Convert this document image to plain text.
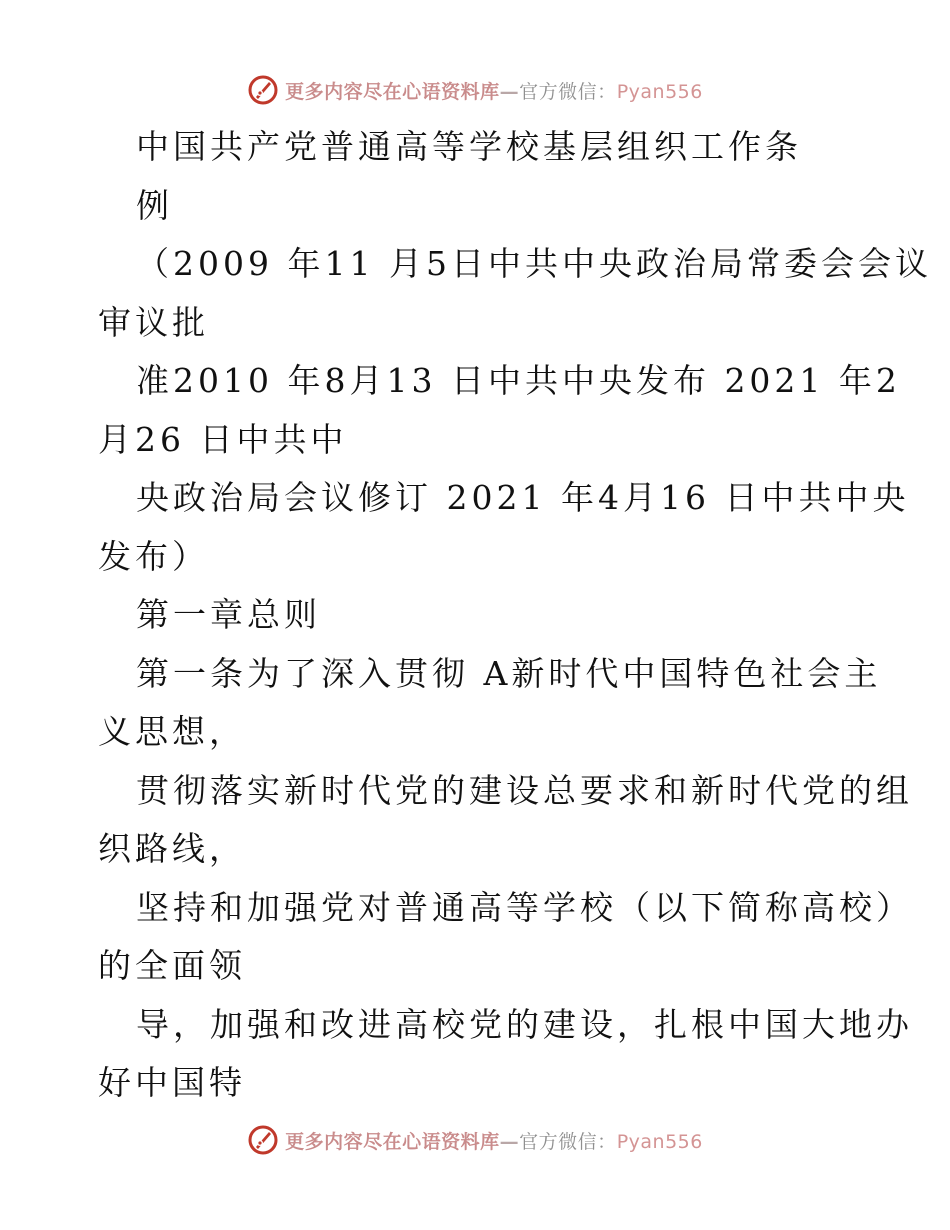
更多内容尽在心语资料库—官方微信：Pyan556
中国共产党普通高等学校基层组织工作条
例
（2009 年11 月5日中共中央政治局常委会会议
审议批
准2010 年8月13 日中共中央发布 2021 年2
月26 日中共中
央政治局会议修订 2021 年4月16 日中共中央
发布）
第一章总则
第一条为了深入贯彻 A新时代中国特色社会主
义思想，
贯彻落实新时代党的建设总要求和新时代党的组
织路线，
坚持和加强党对普通高等学校（以下简称高校）
的全面领
导，加强和改进高校党的建设，扎根中国大地办
好中国特
更多内容尽在心语资料库—官方微信：Pyan556
